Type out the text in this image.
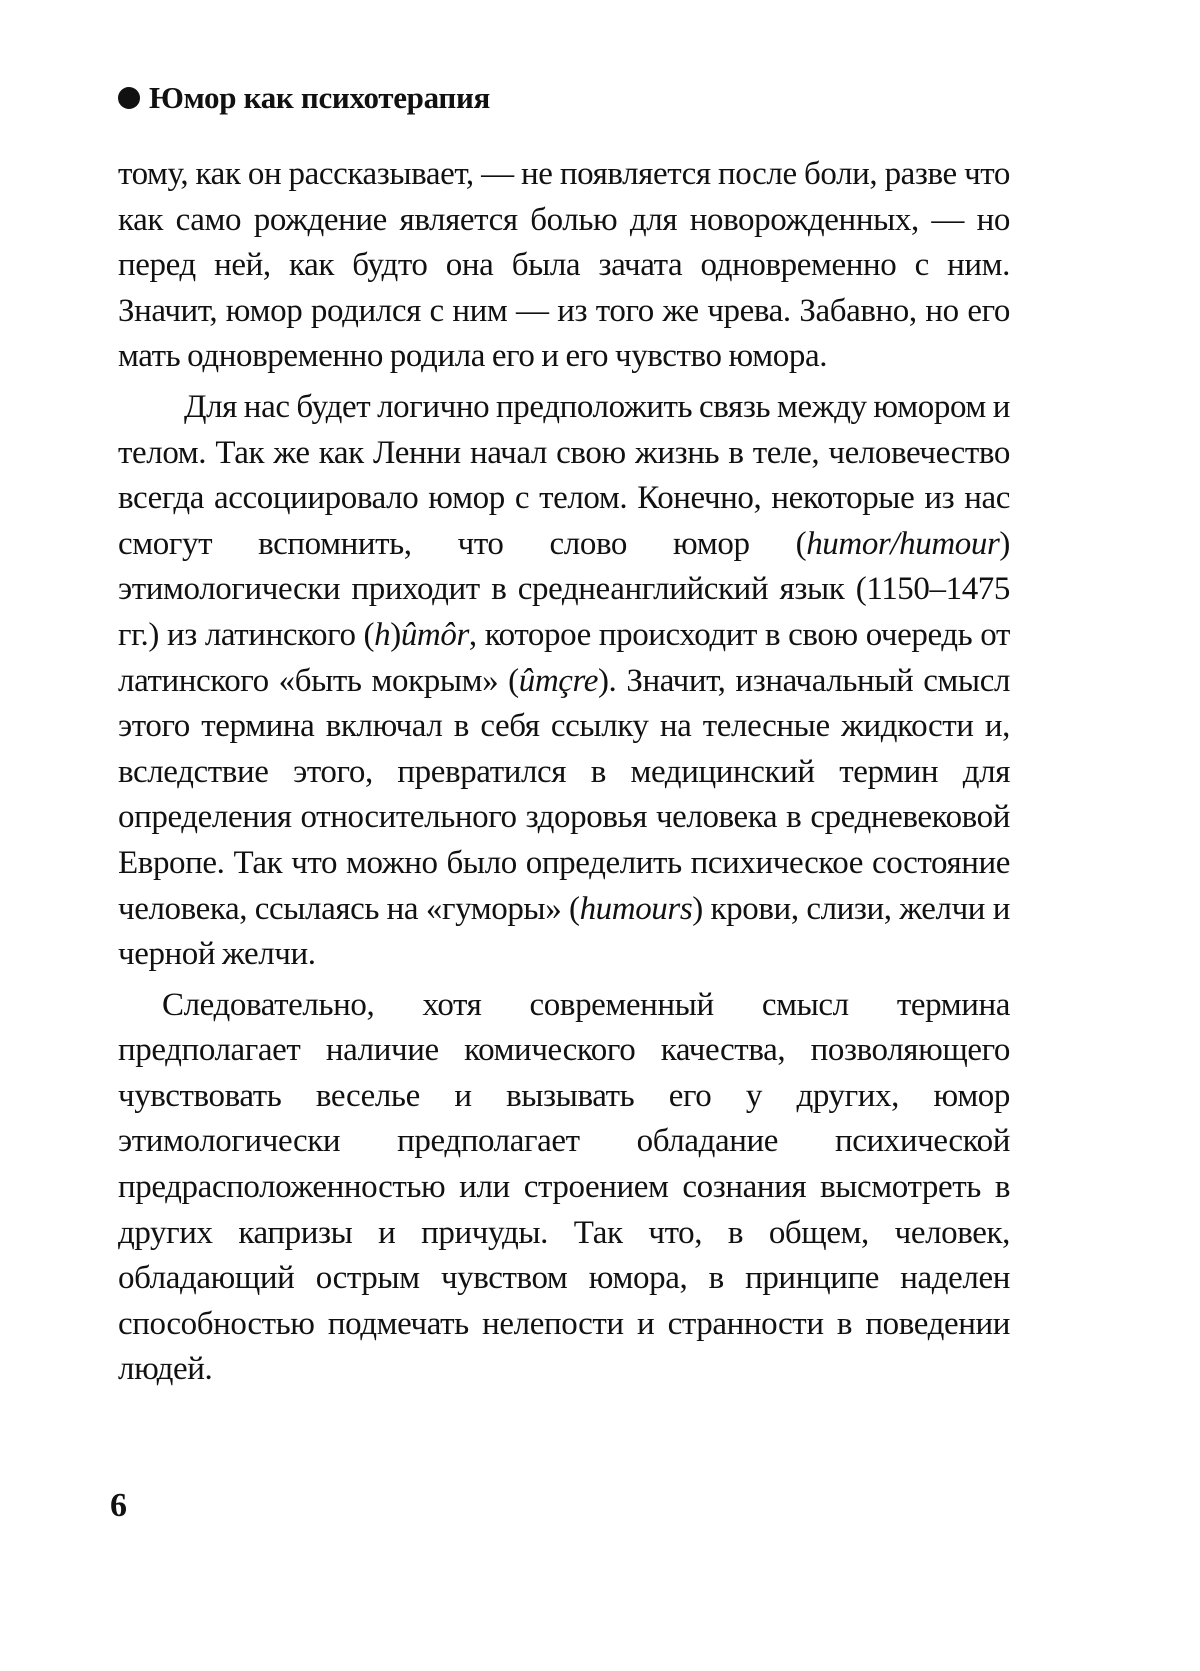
Юмор как психотерапия

тому, как он рассказывает, — не появляется после боли, разве что как само рождение является болью для новорожденных, — но перед ней, как будто она была зачата одновременно с ним. Значит, юмор родился с ним — из того же чрева. Забавно, но его мать одновременно родила его и его чувство юмора.

Для нас будет логично предположить связь между юмором и телом. Так же как Ленни начал свою жизнь в теле, человечество всегда ассоциировало юмор с телом. Конечно, некоторые из нас смогут вспомнить, что слово юмор (humor/humour) этимологически приходит в среднеанглийский язык (1150–1475 гг.) из латинского (h)ûmôr, которое происходит в свою очередь от латинского «быть мокрым» (ûmçre). Значит, изначальный смысл этого термина включал в себя ссылку на телесные жидкости и, вследствие этого, превратился в медицинский термин для определения относительного здоровья человека в средневековой Европе. Так что можно было определить психическое состояние человека, ссылаясь на «гуморы» (humours) крови, слизи, желчи и черной желчи.

Следовательно, хотя современный смысл термина предполагает наличие комического качества, позволяющего чувствовать веселье и вызывать его у других, юмор этимологически предполагает обладание психической предрасположенностью или строением сознания высмотреть в других капризы и причуды. Так что, в общем, человек, обладающий острым чувством юмора, в принципе наделен способностью подмечать нелепости и странности в поведении людей.

6
